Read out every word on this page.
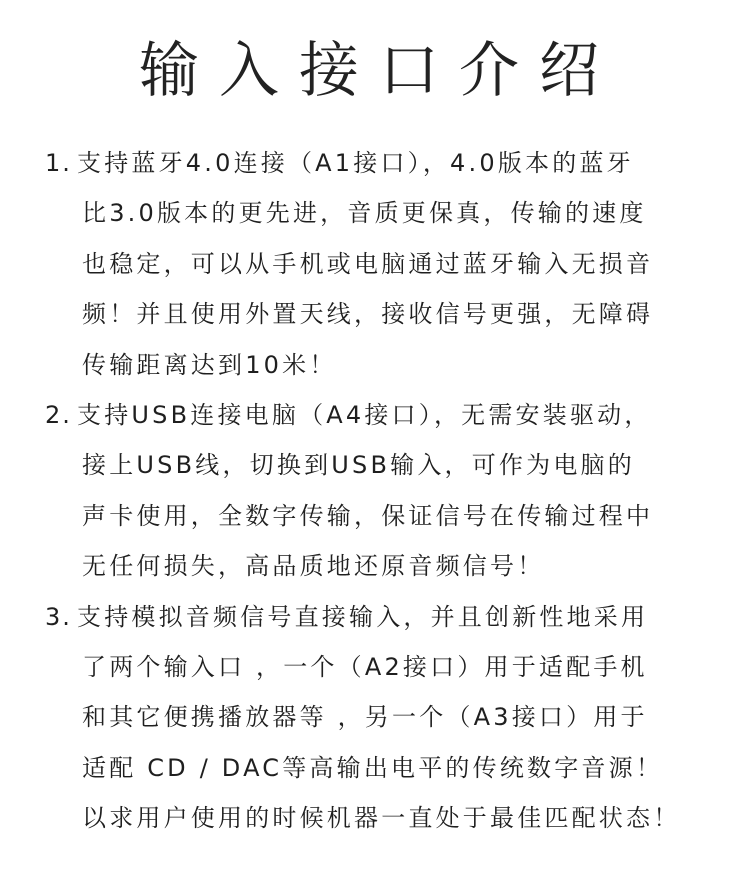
输入接口介绍
1. 支持蓝牙4.0连接（A1接口），4.0版本的蓝牙
比3.0版本的更先进，音质更保真，传输的速度
也稳定，可以从手机或电脑通过蓝牙输入无损音
频！并且使用外置天线，接收信号更强，无障碍
传输距离达到10米！
2. 支持USB连接电脑（A4接口），无需安装驱动，
接上USB线，切换到USB输入，可作为电脑的
声卡使用，全数字传输，保证信号在传输过程中
无任何损失，高品质地还原音频信号！
3. 支持模拟音频信号直接输入，并且创新性地采用
了两个输入口 ，一个（A2接口）用于适配手机
和其它便携播放器等 ，另一个（A3接口）用于
适配 CD / DAC等高输出电平的传统数字音源！
以求用户使用的时候机器一直处于最佳匹配状态！
